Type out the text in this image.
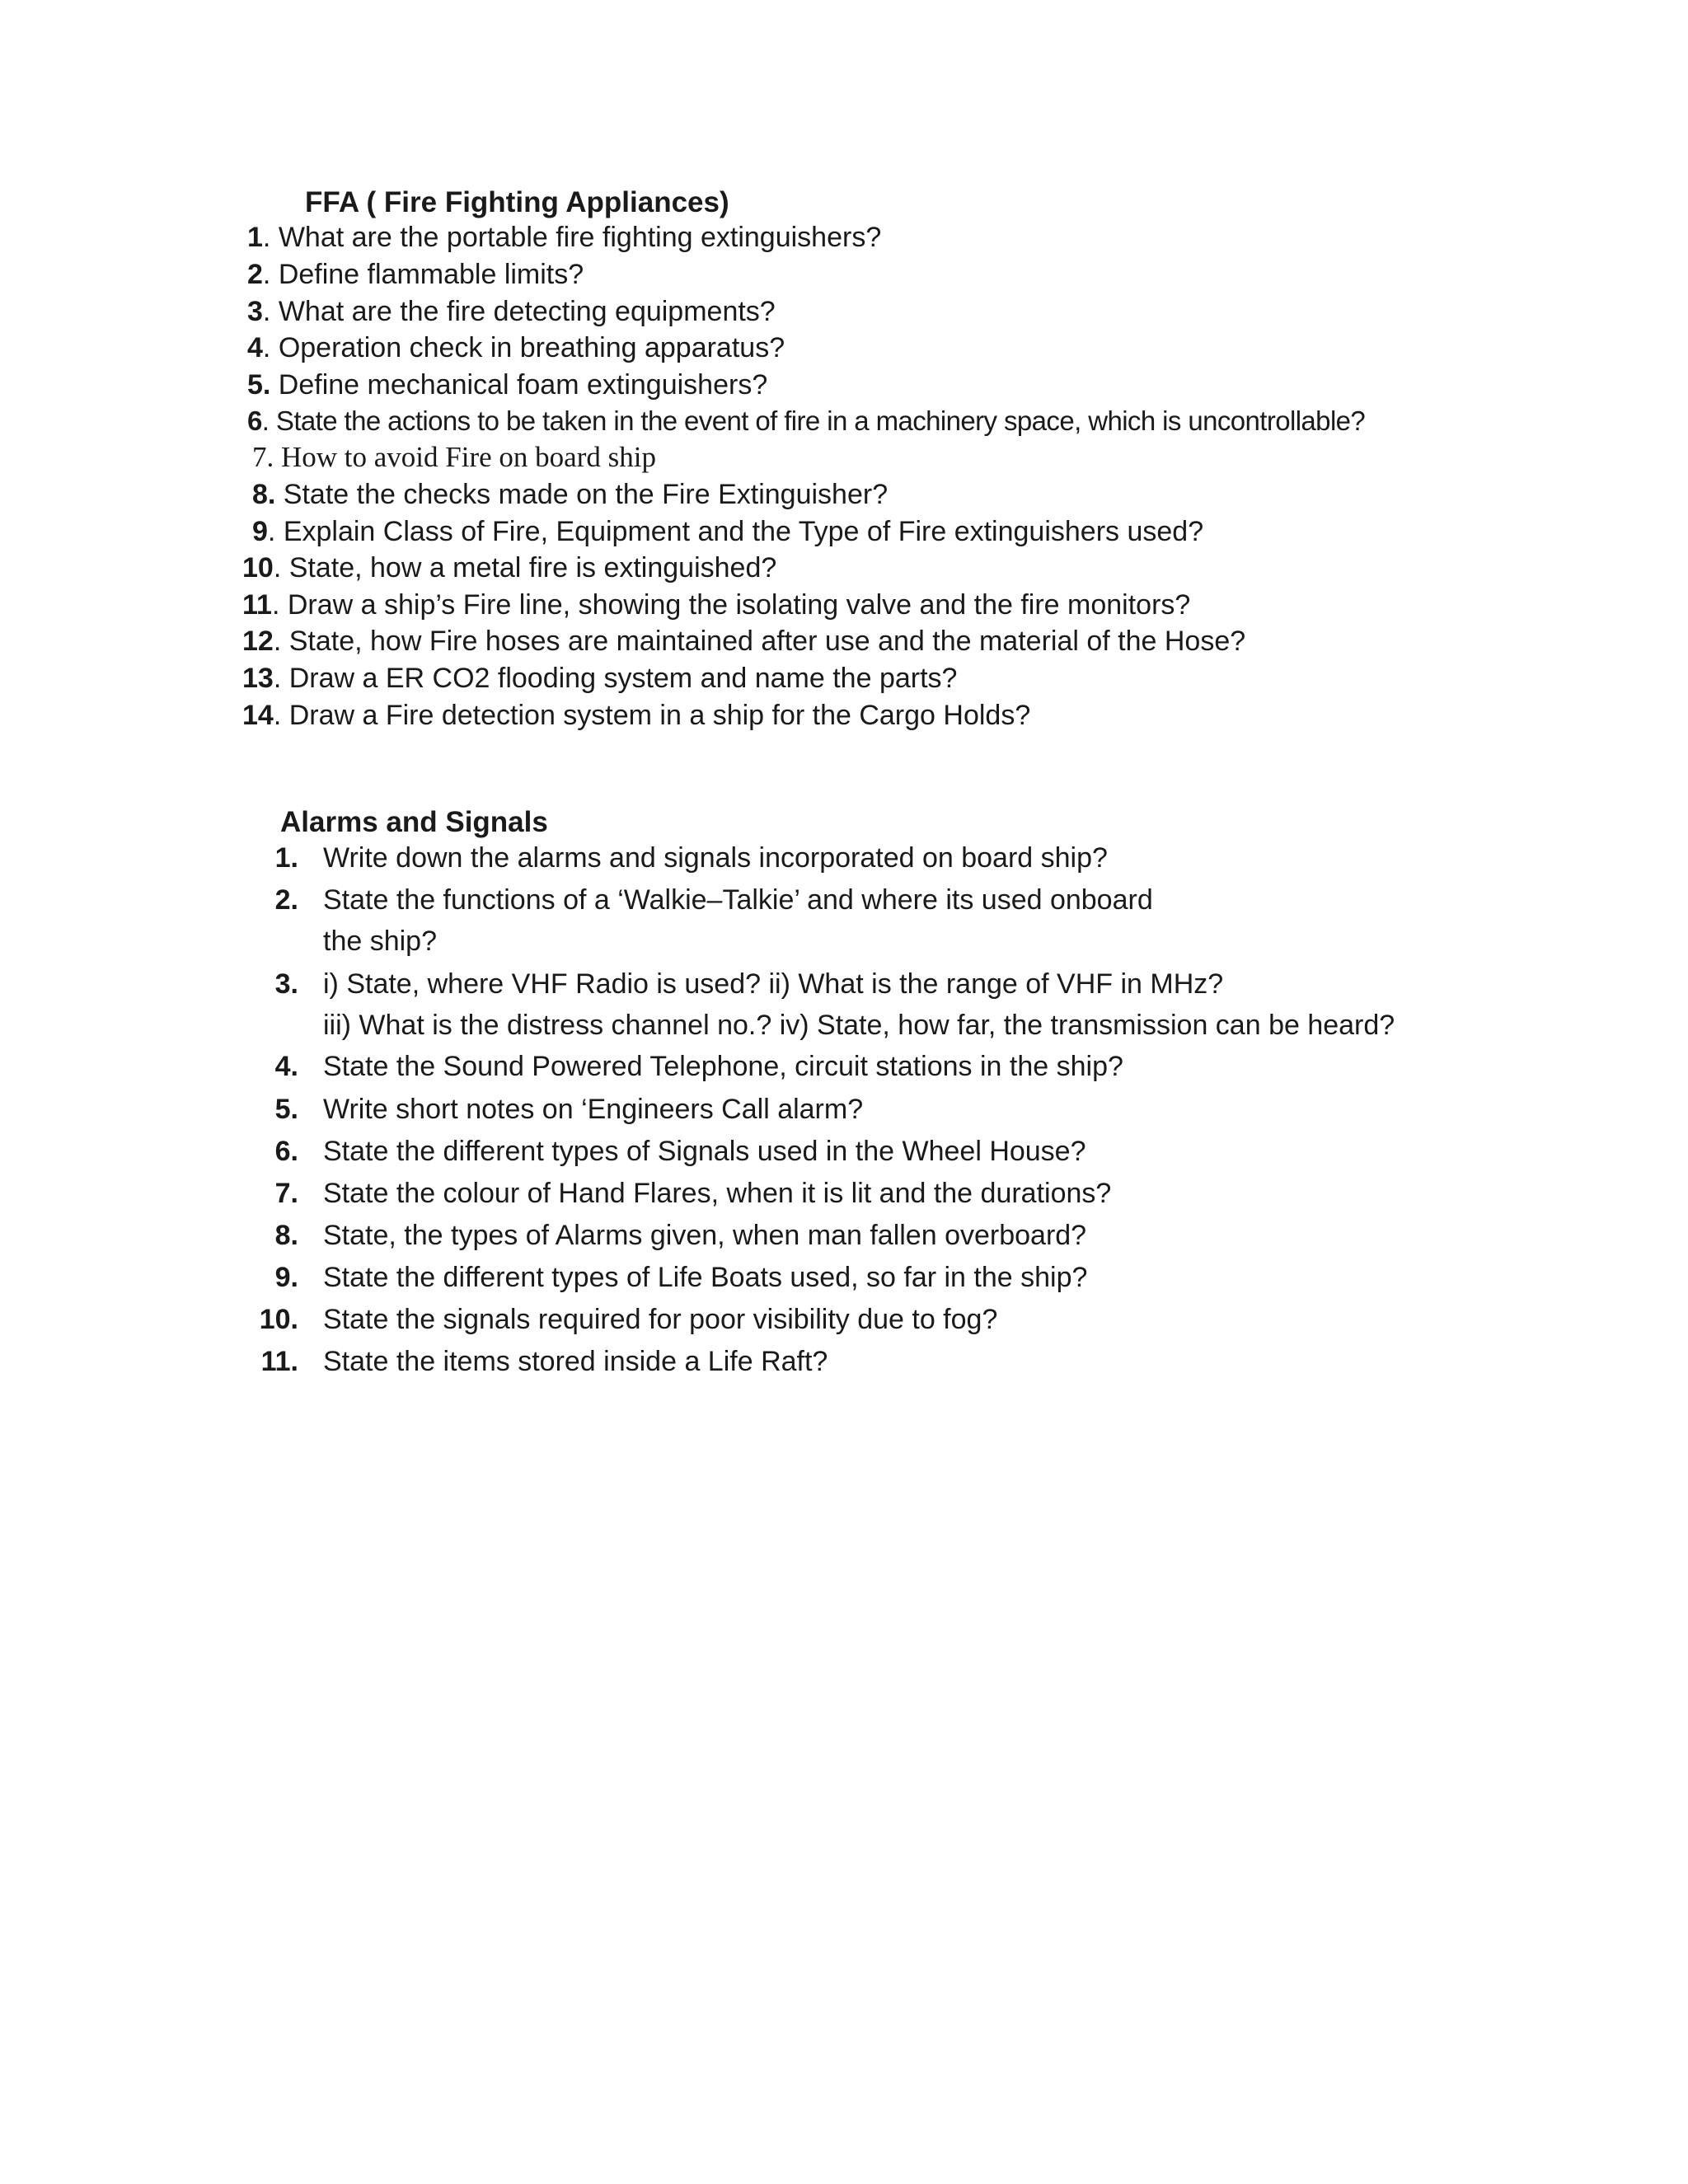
FFA ( Fire Fighting Appliances)
1. What are the portable fire fighting extinguishers?
2. Define flammable limits?
3. What are the fire detecting equipments?
4. Operation check in breathing apparatus?
5. Define mechanical foam extinguishers?
6. State the actions to be taken in the event of fire in a machinery space, which is uncontrollable?
7. How to avoid Fire on board ship
8. State the checks made on the Fire Extinguisher?
9. Explain Class of Fire, Equipment and the Type of Fire extinguishers used?
10. State, how a metal fire is extinguished?
11. Draw a ship’s Fire line, showing the isolating valve and the fire monitors?
12. State, how Fire hoses are maintained after use and the material of the Hose?
13. Draw a ER CO2 flooding system and name the parts?
14. Draw a Fire detection system in a ship for the Cargo Holds?
Alarms and Signals
1. Write down the alarms and signals incorporated on board ship?
2. State the functions of a ‘Walkie–Talkie’ and where its used onboard
the ship?
3. i) State, where VHF Radio is used? ii) What is the range of VHF in MHz?
iii) What is the distress channel no.? iv) State, how far, the transmission can be heard?
4. State the Sound Powered Telephone, circuit stations in the ship?
5. Write short notes on ‘Engineers Call alarm?
6. State the different types of Signals used in the Wheel House?
7. State the colour of Hand Flares, when it is lit and the durations?
8. State, the types of Alarms given, when man fallen overboard?
9. State the different types of Life Boats used, so far in the ship?
10. State the signals required for poor visibility due to fog?
11. State the items stored inside a Life Raft?
